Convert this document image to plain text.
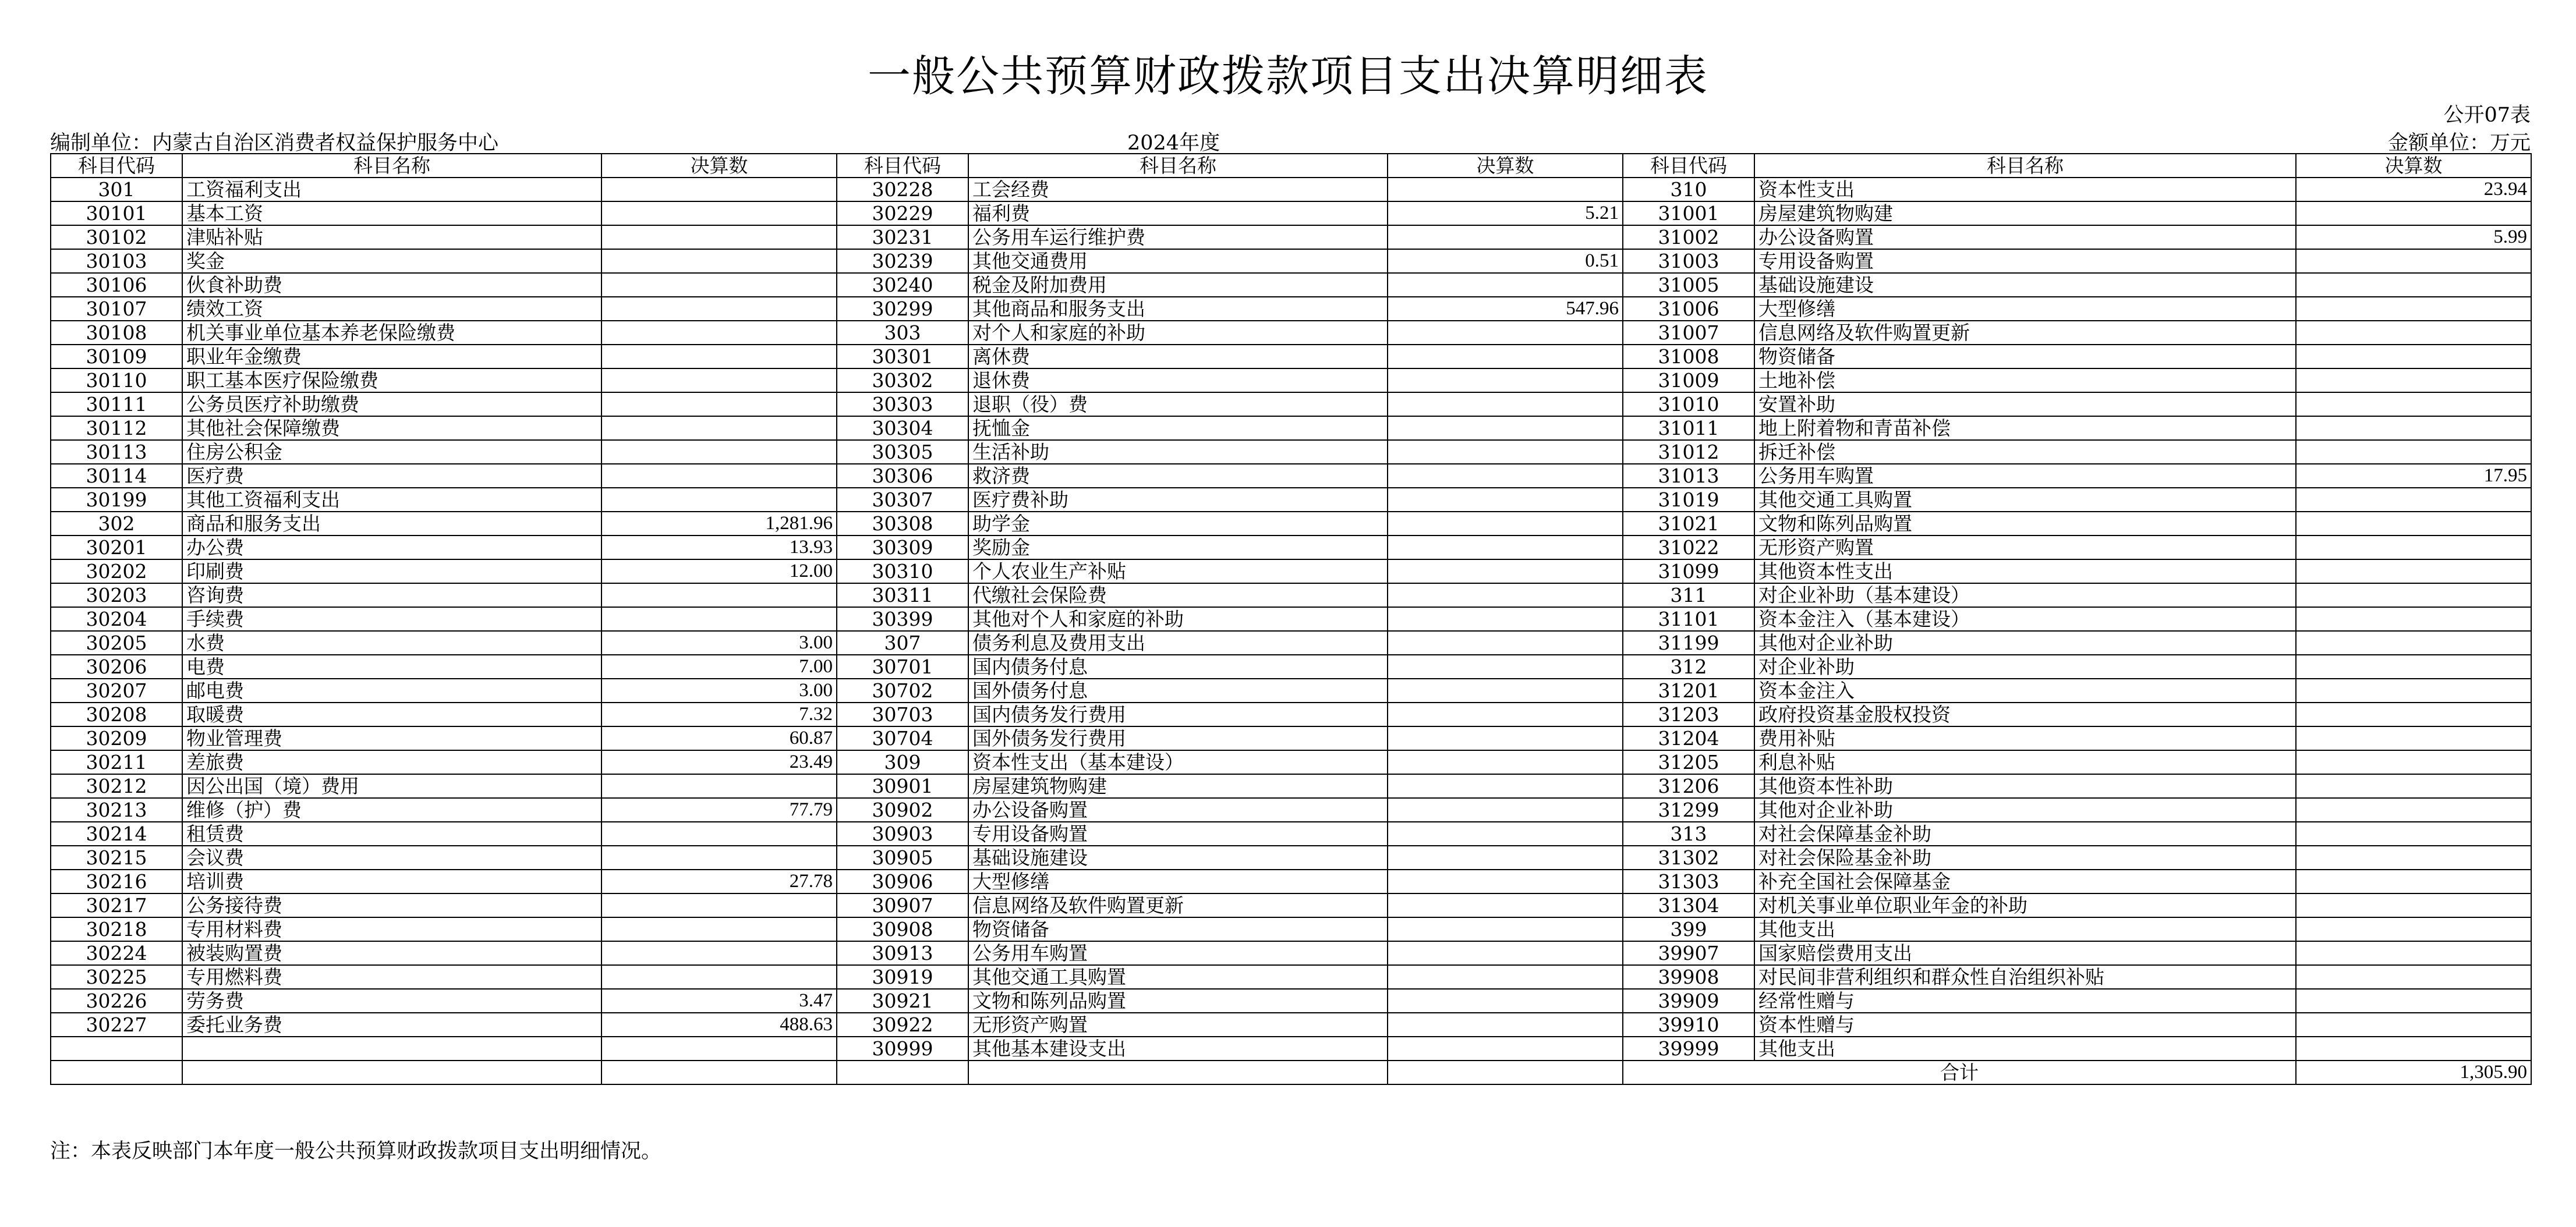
一般公共预算财政拨款项目支出决算明细表
公开07表
编制单位：内蒙古自治区消费者权益保护服务中心	2024年度	金额单位：万元
科目代码	科目名称	决算数	科目代码	科目名称	决算数	科目代码	科目名称	决算数
301	工资福利支出		30228	工会经费		310	资本性支出	23.94
30101	基本工资		30229	福利费	5.21	31001	房屋建筑物购建	
30102	津贴补贴		30231	公务用车运行维护费		31002	办公设备购置	5.99
30103	奖金		30239	其他交通费用	0.51	31003	专用设备购置	
30106	伙食补助费		30240	税金及附加费用		31005	基础设施建设	
30107	绩效工资		30299	其他商品和服务支出	547.96	31006	大型修缮	
30108	机关事业单位基本养老保险缴费		303	对个人和家庭的补助		31007	信息网络及软件购置更新	
30109	职业年金缴费		30301	离休费		31008	物资储备	
30110	职工基本医疗保险缴费		30302	退休费		31009	土地补偿	
30111	公务员医疗补助缴费		30303	退职（役）费		31010	安置补助	
30112	其他社会保障缴费		30304	抚恤金		31011	地上附着物和青苗补偿	
30113	住房公积金		30305	生活补助		31012	拆迁补偿	
30114	医疗费		30306	救济费		31013	公务用车购置	17.95
30199	其他工资福利支出		30307	医疗费补助		31019	其他交通工具购置	
302	商品和服务支出	1,281.96	30308	助学金		31021	文物和陈列品购置	
30201	办公费	13.93	30309	奖励金		31022	无形资产购置	
30202	印刷费	12.00	30310	个人农业生产补贴		31099	其他资本性支出	
30203	咨询费		30311	代缴社会保险费		311	对企业补助（基本建设）	
30204	手续费		30399	其他对个人和家庭的补助		31101	资本金注入（基本建设）	
30205	水费	3.00	307	债务利息及费用支出		31199	其他对企业补助	
30206	电费	7.00	30701	国内债务付息		312	对企业补助	
30207	邮电费	3.00	30702	国外债务付息		31201	资本金注入	
30208	取暖费	7.32	30703	国内债务发行费用		31203	政府投资基金股权投资	
30209	物业管理费	60.87	30704	国外债务发行费用		31204	费用补贴	
30211	差旅费	23.49	309	资本性支出（基本建设）		31205	利息补贴	
30212	因公出国（境）费用		30901	房屋建筑物购建		31206	其他资本性补助	
30213	维修（护）费	77.79	30902	办公设备购置		31299	其他对企业补助	
30214	租赁费		30903	专用设备购置		313	对社会保障基金补助	
30215	会议费		30905	基础设施建设		31302	对社会保险基金补助	
30216	培训费	27.78	30906	大型修缮		31303	补充全国社会保障基金	
30217	公务接待费		30907	信息网络及软件购置更新		31304	对机关事业单位职业年金的补助	
30218	专用材料费		30908	物资储备		399	其他支出	
30224	被装购置费		30913	公务用车购置		39907	国家赔偿费用支出	
30225	专用燃料费		30919	其他交通工具购置		39908	对民间非营利组织和群众性自治组织补贴	
30226	劳务费	3.47	30921	文物和陈列品购置		39909	经常性赠与	
30227	委托业务费	488.63	30922	无形资产购置		39910	资本性赠与	
			30999	其他基本建设支出		39999	其他支出	
						合计		1,305.90
注：本表反映部门本年度一般公共预算财政拨款项目支出明细情况。
